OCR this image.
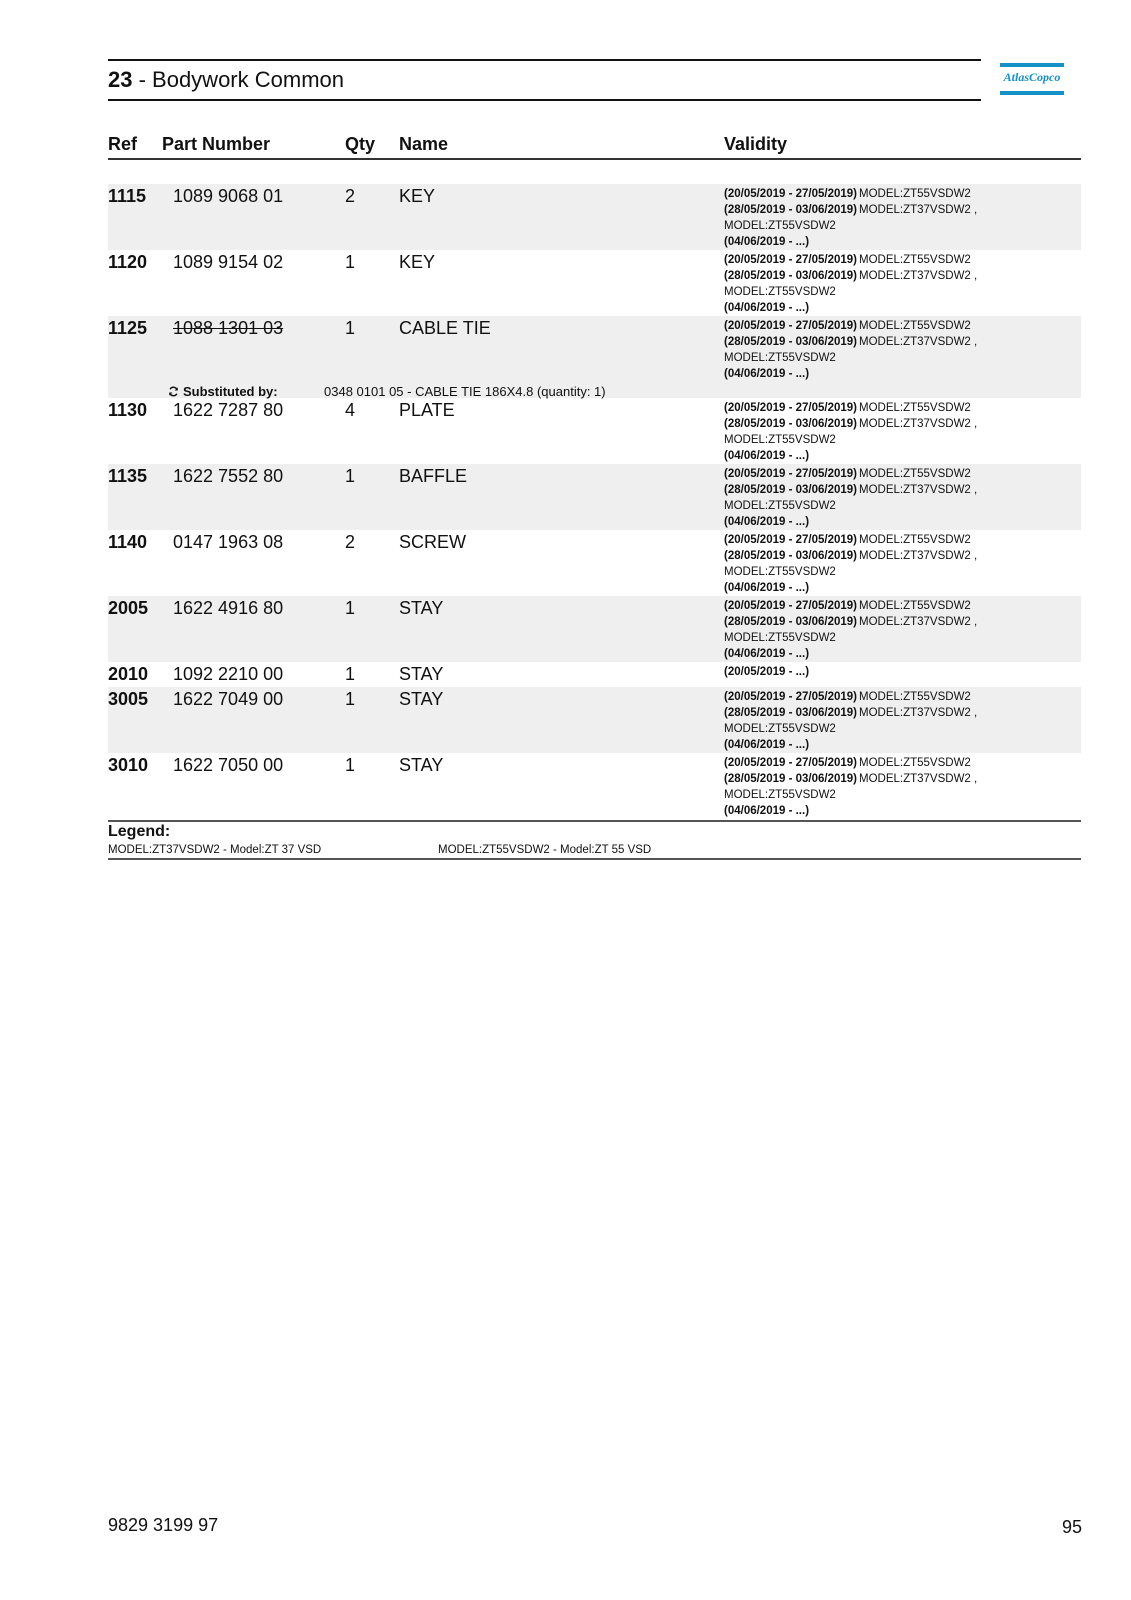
23 - Bodywork Common	AtlasCopco
Ref Part Number	Qty Name	Validity
1115 1089 9068 01	2	KEY	(20/05/2019 - 27/05/2019) MODEL:ZT55VSDW2
(28/05/2019 - 03/06/2019) MODEL:ZT37VSDW2 ,
MODEL:ZT55VSDW2
(04/06/2019 - ...)
1120 1089 9154 02	1	KEY	(20/05/2019 - 27/05/2019) MODEL:ZT55VSDW2
(28/05/2019 - 03/06/2019) MODEL:ZT37VSDW2 ,
MODEL:ZT55VSDW2
(04/06/2019 - ...)
1125 1088 1301 03	1	CABLE TIE	(20/05/2019 - 27/05/2019) MODEL:ZT55VSDW2
(28/05/2019 - 03/06/2019) MODEL:ZT37VSDW2 ,
MODEL:ZT55VSDW2
(04/06/2019 - ...)
Substituted by:	0348 0101 05 - CABLE TIE 186X4.8 (quantity: 1)
1130 1622 7287 80	4	PLATE	(20/05/2019 - 27/05/2019) MODEL:ZT55VSDW2
(28/05/2019 - 03/06/2019) MODEL:ZT37VSDW2 ,
MODEL:ZT55VSDW2
(04/06/2019 - ...)
1135 1622 7552 80	1	BAFFLE	(20/05/2019 - 27/05/2019) MODEL:ZT55VSDW2
(28/05/2019 - 03/06/2019) MODEL:ZT37VSDW2 ,
MODEL:ZT55VSDW2
(04/06/2019 - ...)
1140 0147 1963 08	2	SCREW	(20/05/2019 - 27/05/2019) MODEL:ZT55VSDW2
(28/05/2019 - 03/06/2019) MODEL:ZT37VSDW2 ,
MODEL:ZT55VSDW2
(04/06/2019 - ...)
2005 1622 4916 80	1	STAY	(20/05/2019 - 27/05/2019) MODEL:ZT55VSDW2
(28/05/2019 - 03/06/2019) MODEL:ZT37VSDW2 ,
MODEL:ZT55VSDW2
(04/06/2019 - ...)
2010 1092 2210 00	1	STAY	(20/05/2019 - ...)
3005 1622 7049 00	1	STAY	(20/05/2019 - 27/05/2019) MODEL:ZT55VSDW2
(28/05/2019 - 03/06/2019) MODEL:ZT37VSDW2 ,
MODEL:ZT55VSDW2
(04/06/2019 - ...)
3010 1622 7050 00	1	STAY	(20/05/2019 - 27/05/2019) MODEL:ZT55VSDW2
(28/05/2019 - 03/06/2019) MODEL:ZT37VSDW2 ,
MODEL:ZT55VSDW2
(04/06/2019 - ...)
Legend:
MODEL:ZT37VSDW2 - Model:ZT 37 VSD	MODEL:ZT55VSDW2 - Model:ZT 55 VSD
9829 3199 97	95
